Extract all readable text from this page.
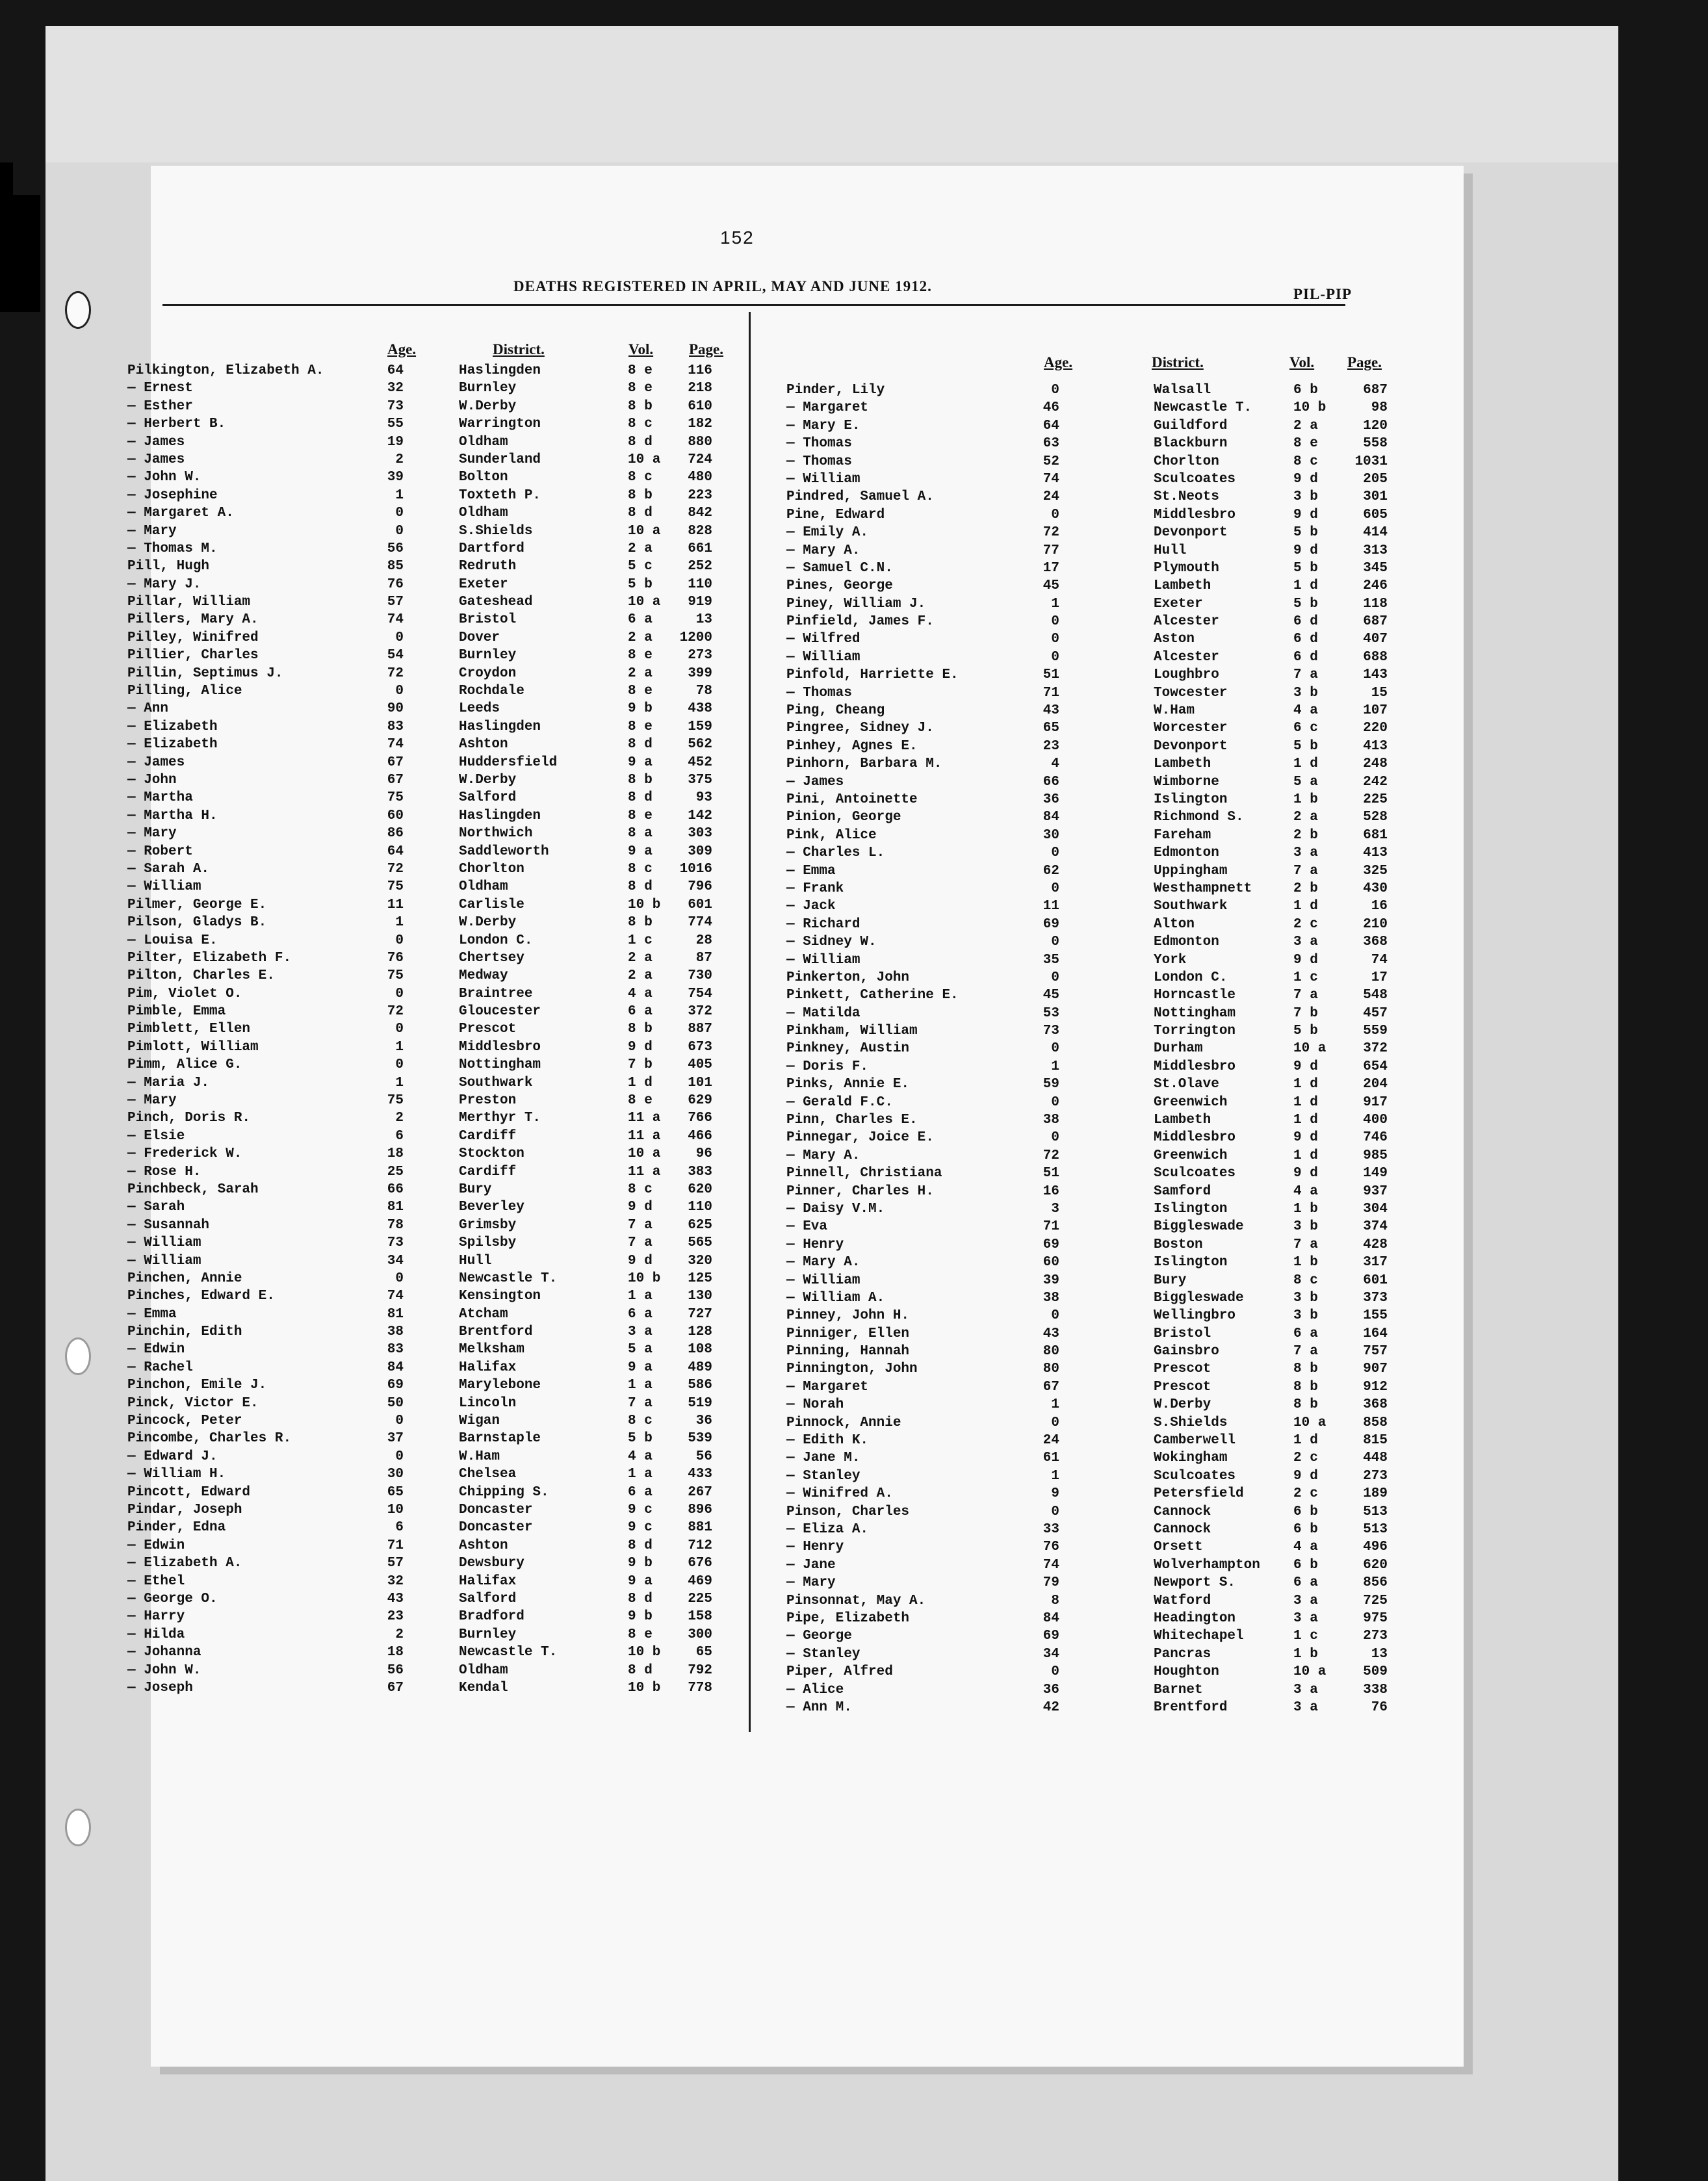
152
DEATHS REGISTERED IN APRIL, MAY AND JUNE 1912.	PIL-PIP
Age.	District.	Vol. Page.
Age.	District.	Vol. Page.
Pilkington, Elizabeth A.	64	Haslingden	8 e	116
— Ernest	32	Burnley	8 e	218
— Esther	73	W.Derby	8 b	610
— Herbert B.	55	Warrington	8 c	182
— James	19	Oldham	8 d	880
— James	2	Sunderland	10 a	724
— John W.	39	Bolton	8 c	480
— Josephine	1	Toxteth P.	8 b	223
— Margaret A.	0	Oldham	8 d	842
— Mary	0	S.Shields	10 a	828
— Thomas M.	56	Dartford	2 a	661
Pill, Hugh	85	Redruth	5 c	252
— Mary J.	76	Exeter	5 b	110
Pillar, William	57	Gateshead	10 a	919
Pillers, Mary A.	74	Bristol	6 a	13
Pilley, Winifred	0	Dover	2 a	1200
Pillier, Charles	54	Burnley	8 e	273
Pillin, Septimus J.	72	Croydon	2 a	399
Pilling, Alice	0	Rochdale	8 e	78
— Ann	90	Leeds	9 b	438
— Elizabeth	83	Haslingden	8 e	159
— Elizabeth	74	Ashton	8 d	562
— James	67	Huddersfield	9 a	452
— John	67	W.Derby	8 b	375
— Martha	75	Salford	8 d	93
— Martha H.	60	Haslingden	8 e	142
— Mary	86	Northwich	8 a	303
— Robert	64	Saddleworth	9 a	309
— Sarah A.	72	Chorlton	8 c	1016
— William	75	Oldham	8 d	796
Pilmer, George E.	11	Carlisle	10 b	601
Pilson, Gladys B.	1	W.Derby	8 b	774
— Louisa E.	0	London C.	1 c	28
Pilter, Elizabeth F.	76	Chertsey	2 a	87
Pilton, Charles E.	75	Medway	2 a	730
Pim, Violet O.	0	Braintree	4 a	754
Pimble, Emma	72	Gloucester	6 a	372
Pimblett, Ellen	0	Prescot	8 b	887
Pimlott, William	1	Middlesbro	9 d	673
Pimm, Alice G.	0	Nottingham	7 b	405
— Maria J.	1	Southwark	1 d	101
— Mary	75	Preston	8 e	629
Pinch, Doris R.	2	Merthyr T.	11 a	766
— Elsie	6	Cardiff	11 a	466
— Frederick W.	18	Stockton	10 a	96
— Rose H.	25	Cardiff	11 a	383
Pinchbeck, Sarah	66	Bury	8 c	620
— Sarah	81	Beverley	9 d	110
— Susannah	78	Grimsby	7 a	625
— William	73	Spilsby	7 a	565
— William	34	Hull	9 d	320
Pinchen, Annie	0	Newcastle T.	10 b	125
Pinches, Edward E.	74	Kensington	1 a	130
— Emma	81	Atcham	6 a	727
Pinchin, Edith	38	Brentford	3 a	128
— Edwin	83	Melksham	5 a	108
— Rachel	84	Halifax	9 a	489
Pinchon, Emile J.	69	Marylebone	1 a	586
Pinck, Victor E.	50	Lincoln	7 a	519
Pincock, Peter	0	Wigan	8 c	36
Pincombe, Charles R.	37	Barnstaple	5 b	539
— Edward J.	0	W.Ham	4 a	56
— William H.	30	Chelsea	1 a	433
Pincott, Edward	65	Chipping S.	6 a	267
Pindar, Joseph	10	Doncaster	9 c	896
Pinder, Edna	6	Doncaster	9 c	881
— Edwin	71	Ashton	8 d	712
— Elizabeth A.	57	Dewsbury	9 b	676
— Ethel	32	Halifax	9 a	469
— George O.	43	Salford	8 d	225
— Harry	23	Bradford	9 b	158
— Hilda	2	Burnley	8 e	300
— Johanna	18	Newcastle T.	10 b	65
— John W.	56	Oldham	8 d	792
— Joseph	67	Kendal	10 b	778
Pinder, Lily	0	Walsall	6 b	687
— Margaret	46	Newcastle T.	10 b	98
— Mary E.	64	Guildford	2 a	120
— Thomas	63	Blackburn	8 e	558
— Thomas	52	Chorlton	8 c	1031
— William	74	Sculcoates	9 d	205
Pindred, Samuel A.	24	St.Neots	3 b	301
Pine, Edward	0	Middlesbro	9 d	605
— Emily A.	72	Devonport	5 b	414
— Mary A.	77	Hull	9 d	313
— Samuel C.N.	17	Plymouth	5 b	345
Pines, George	45	Lambeth	1 d	246
Piney, William J.	1	Exeter	5 b	118
Pinfield, James F.	0	Alcester	6 d	687
— Wilfred	0	Aston	6 d	407
— William	0	Alcester	6 d	688
Pinfold, Harriette E.	51	Loughbro	7 a	143
— Thomas	71	Towcester	3 b	15
Ping, Cheang	43	W.Ham	4 a	107
Pingree, Sidney J.	65	Worcester	6 c	220
Pinhey, Agnes E.	23	Devonport	5 b	413
Pinhorn, Barbara M.	4	Lambeth	1 d	248
— James	66	Wimborne	5 a	242
Pini, Antoinette	36	Islington	1 b	225
Pinion, George	84	Richmond S.	2 a	528
Pink, Alice	30	Fareham	2 b	681
— Charles L.	0	Edmonton	3 a	413
— Emma	62	Uppingham	7 a	325
— Frank	0	Westhampnett	2 b	430
— Jack	11	Southwark	1 d	16
— Richard	69	Alton	2 c	210
— Sidney W.	0	Edmonton	3 a	368
— William	35	York	9 d	74
Pinkerton, John	0	London C.	1 c	17
Pinkett, Catherine E.	45	Horncastle	7 a	548
— Matilda	53	Nottingham	7 b	457
Pinkham, William	73	Torrington	5 b	559
Pinkney, Austin	0	Durham	10 a	372
— Doris F.	1	Middlesbro	9 d	654
Pinks, Annie E.	59	St.Olave	1 d	204
— Gerald F.C.	0	Greenwich	1 d	917
Pinn, Charles E.	38	Lambeth	1 d	400
Pinnegar, Joice E.	0	Middlesbro	9 d	746
— Mary A.	72	Greenwich	1 d	985
Pinnell, Christiana	51	Sculcoates	9 d	149
Pinner, Charles H.	16	Samford	4 a	937
— Daisy V.M.	3	Islington	1 b	304
— Eva	71	Biggleswade	3 b	374
— Henry	69	Boston	7 a	428
— Mary A.	60	Islington	1 b	317
— William	39	Bury	8 c	601
— William A.	38	Biggleswade	3 b	373
Pinney, John H.	0	Wellingbro	3 b	155
Pinniger, Ellen	43	Bristol	6 a	164
Pinning, Hannah	80	Gainsbro	7 a	757
Pinnington, John	80	Prescot	8 b	907
— Margaret	67	Prescot	8 b	912
— Norah	1	W.Derby	8 b	368
Pinnock, Annie	0	S.Shields	10 a	858
— Edith K.	24	Camberwell	1 d	815
— Jane M.	61	Wokingham	2 c	448
— Stanley	1	Sculcoates	9 d	273
— Winifred A.	9	Petersfield	2 c	189
Pinson, Charles	0	Cannock	6 b	513
— Eliza A.	33	Cannock	6 b	513
— Henry	76	Orsett	4 a	496
— Jane	74	Wolverhampton 6 b	620
— Mary	79	Newport S.	6 a	856
Pinsonnat, May A.	8	Watford	3 a	725
Pipe, Elizabeth	84	Headington	3 a	975
— George	69	Whitechapel	1 c	273
— Stanley	34	Pancras	1 b	13
Piper, Alfred	0	Houghton	10 a	509
— Alice	36	Barnet	3 a	338
— Ann M.	42	Brentford	3 a	76
